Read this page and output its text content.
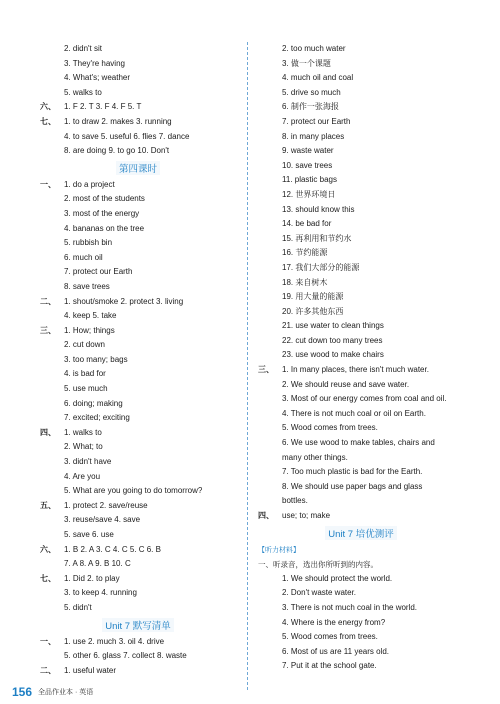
2. didn't sit
3. They're having
4. What's; weather
5. walks to
六、	1. F 2. T 3. F 4. F 5. T
七、	1. to draw 2. makes 3. running
4. to save 5. useful 6. flies 7. dance
8. are doing 9. to go 10. Don't
第四课时
一、	1. do a project
2. most of the students
3. most of the energy
4. bananas on the tree
5. rubbish bin
6. much oil
7. protect our Earth
8. save trees
二、	1. shout/smoke 2. protect 3. living
4. keep 5. take
三、	1. How; things
2. cut down
3. too many; bags
4. is bad for
5. use much
6. doing; making
7. excited; exciting
四、	1. walks to
2. What; to
3. didn't have
4. Are you
5. What are you going to do tomorrow?
五、	1. protect 2. save/reuse
3. reuse/save 4. save
5. save 6. use
六、	1. B 2. A 3. C 4. C 5. C 6. B
7. A 8. A 9. B 10. C
七、	1. Did 2. to play
3. to keep 4. running
5. didn't
Unit 7 默写清单
一、	1. use 2. much 3. oil 4. drive
5. other 6. glass 7. collect 8. waste
二、	1. useful water
2. too much water
3. 做一个课题
4. much oil and coal
5. drive so much
6. 制作一张海报
7. protect our Earth
8. in many places
9. waste water
10. save trees
11. plastic bags
12. 世界环境日
13. should know this
14. be bad for
15. 再利用和节约水
16. 节约能源
17. 我们大部分的能源
18. 来自树木
19. 用大量的能源
20. 许多其他东西
21. use water to clean things
22. cut down too many trees
23. use wood to make chairs
三、	1. In many places, there isn't much water.
2. We should reuse and save water.
3. Most of our energy comes from coal and oil.
4. There is not much coal or oil on Earth.
5. Wood comes from trees.
6. We use wood to make tables, chairs and
many other things.
7. Too much plastic is bad for the Earth.
8. We should use paper bags and glass
bottles.
四、	use; to; make
Unit 7 培优测评
【听力材料】
一、听录音，选出你所听到的内容。
1. We should protect the world.
2. Don't waste water.
3. There is not much coal in the world.
4. Where is the energy from?
5. Wood comes from trees.
6. Most of us are 11 years old.
7. Put it at the school gate.
156 全品作业本 · 英语
